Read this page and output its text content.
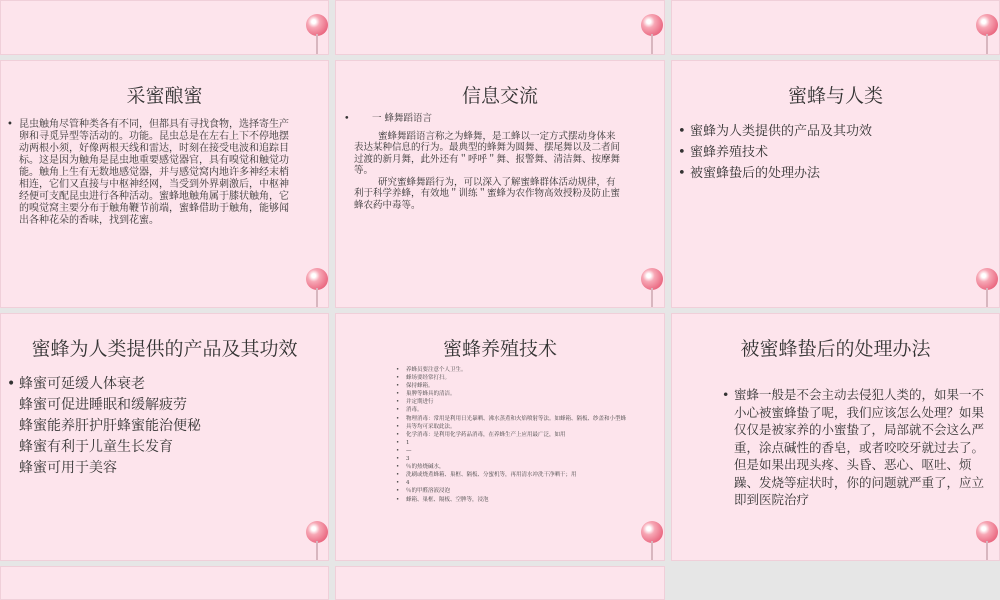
采蜜酿蜜
• 昆虫触角尽管种类各有不同，但都具有寻找食物，选择寄生产卵和寻觅异型等活动的。功能。昆虫总是在左右上下不停地摆动两根小须，好像两根天线和雷达，时刻在接受电波和追踪目标。这是因为触角是昆虫地重要感觉器官，具有嗅觉和触觉功能。触角上生有无数地感觉器，并与感觉窝内地许多神经末梢相连，它们又直接与中枢神经网，当受到外界刺激后，中枢神经便可支配昆虫进行各种活动。蜜蜂地触角属于膝状触角，它的嗅觉窝主要分布于触角鞭节前端，蜜蜂借助于触角，能够闻出各种花朵的香味，找到花蜜。
信息交流
• 一 蜂舞蹈语言

蜜蜂舞蹈语言称之为蜂舞，是工蜂以一定方式摆动身体来表达某种信息的行为。最典型的蜂舞为圆舞、摆尾舞以及二者间过渡的新月舞，此外还有＂呼呼＂舞、报警舞、清洁舞、按摩舞等。

研究蜜蜂舞蹈行为，可以深入了解蜜蜂群体活动规律，有利于科学养蜂，有效地＂训练＂蜜蜂为农作物高效授粉及防止蜜蜂农药中毒等。

蜜蜂与人类
• 蜜蜂为人类提供的产品及其功效
• 蜜蜂养殖技术
• 被蜜蜂蛰后的处理办法
蜜蜂为人类提供的产品及其功效
• 蜂蜜可延缓人体衰老
蜂蜜可促进睡眠和缓解疲劳
蜂蜜能养肝护肝蜂蜜能治便秘
蜂蜜有利于儿童生长发育
蜂蜜可用于美容
蜜蜂养殖技术
• 养蜂员要注意个人卫生。
• 蜂场要经常打扫。
• 保持蜂箱。
• 巢脾等蜂具的清洁。
• 并定期进行
• 消毒。
• 物理消毒：常用是利用日光暴晒、沸水蒸煮和火焰喷射等法。如蜂箱、隔板、纱盖和小型蜂
• 具等均可采取此法。
• 化学消毒：是利用化学药品消毒，在养蜂生产上应用最广泛，如用
• 1
• —
• 3
• ％的热烧碱水，
• 洗刷或烧煮蜂箱、巢框、隔板、分蜜机等，再用清水冲洗干净晒干；用
• 4
• ％的甲醛溶液浸泡
• 蜂箱、巢框、隔板、空脾等，浸泡
被蜜蜂蛰后的处理办法
• 蜜蜂一般是不会主动去侵犯人类的，如果一不小心被蜜蜂蛰了呢，我们应该怎么处理？如果仅仅是被家养的小蜜蛰了，局部就不会这么严重，涂点碱性的香皂，或者咬咬牙就过去了。但是如果出现头疼、头昏、恶心、呕吐、烦躁、发烧等症状时，你的问题就严重了，应立即到医院治疗
